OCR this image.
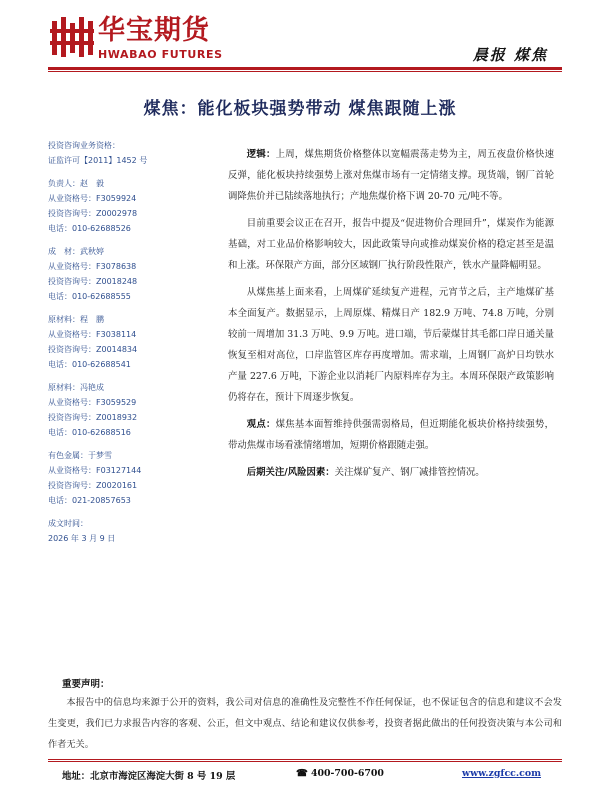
华宝期货
HWABAO FUTURES	晨报 煤焦
煤焦：能化板块强势带动 煤焦跟随上涨
投资咨询业务资格：
证监许可【2011】1452 号
负责人：赵　毅
从业资格号：F3059924
投资咨询号：Z0002978
电话：010-62688526
成　材：武秋婷
从业资格号：F3078638
投资咨询号：Z0018248
电话：010-62688555
原材料：程　鹏
从业资格号：F3038114
投资咨询号：Z0014834
电话：010-62688541
原材料：冯艳成
从业资格号：F3059529
投资咨询号：Z0018932
电话：010-62688516
有色金属：于梦雪
从业资格号：F03127144
投资咨询号：Z0020161
电话：021-20857653
成文时间：
2026 年 3 月 9 日

逻辑：上周，煤焦期货价格整体以宽幅震荡走势为主，周五夜盘价格快速反弹，能化板块持续强势上涨对焦煤市场有一定情绪支撑。现货端，钢厂首轮调降焦价并已陆续落地执行；产地焦煤价格下调 20-70 元/吨不等。

目前重要会议正在召开，报告中提及“促进物价合理回升”，煤炭作为能源基础，对工业品价格影响较大，因此政策导向或推动煤炭价格的稳定甚至是温和上涨。环保限产方面，部分区域钢厂执行阶段性限产，铁水产量降幅明显。

从煤焦基上面来看，上周煤矿延续复产进程，元宵节之后，主产地煤矿基本全面复产。数据显示，上周原煤、精煤日产 182.9 万吨、74.8 万吨，分别较前一周增加 31.3 万吨、9.9 万吨。进口端，节后蒙煤甘其毛都口岸日通关量恢复至相对高位，口岸监管区库存再度增加。需求端，上周钢厂高炉日均铁水产量 227.6 万吨，下游企业以消耗厂内原料库存为主。本周环保限产政策影响仍将存在，预计下周逐步恢复。

观点：煤焦基本面暂维持供强需弱格局，但近期能化板块价格持续强势，带动焦煤市场看涨情绪增加，短期价格跟随走强。

后期关注/风险因素：关注煤矿复产、钢厂减排管控情况。

重要声明：
本报告中的信息均来源于公开的资料，我公司对信息的准确性及完整性不作任何保证，也不保证包含的信息和建议不会发生变更，我们已力求报告内容的客观、公正，但文中观点、结论和建议仅供参考，投资者据此做出的任何投资决策与本公司和作者无关。
地址：北京市海淀区海淀大街 8 号 19 层	☎ 400-700-6700	www.zgfcc.com
